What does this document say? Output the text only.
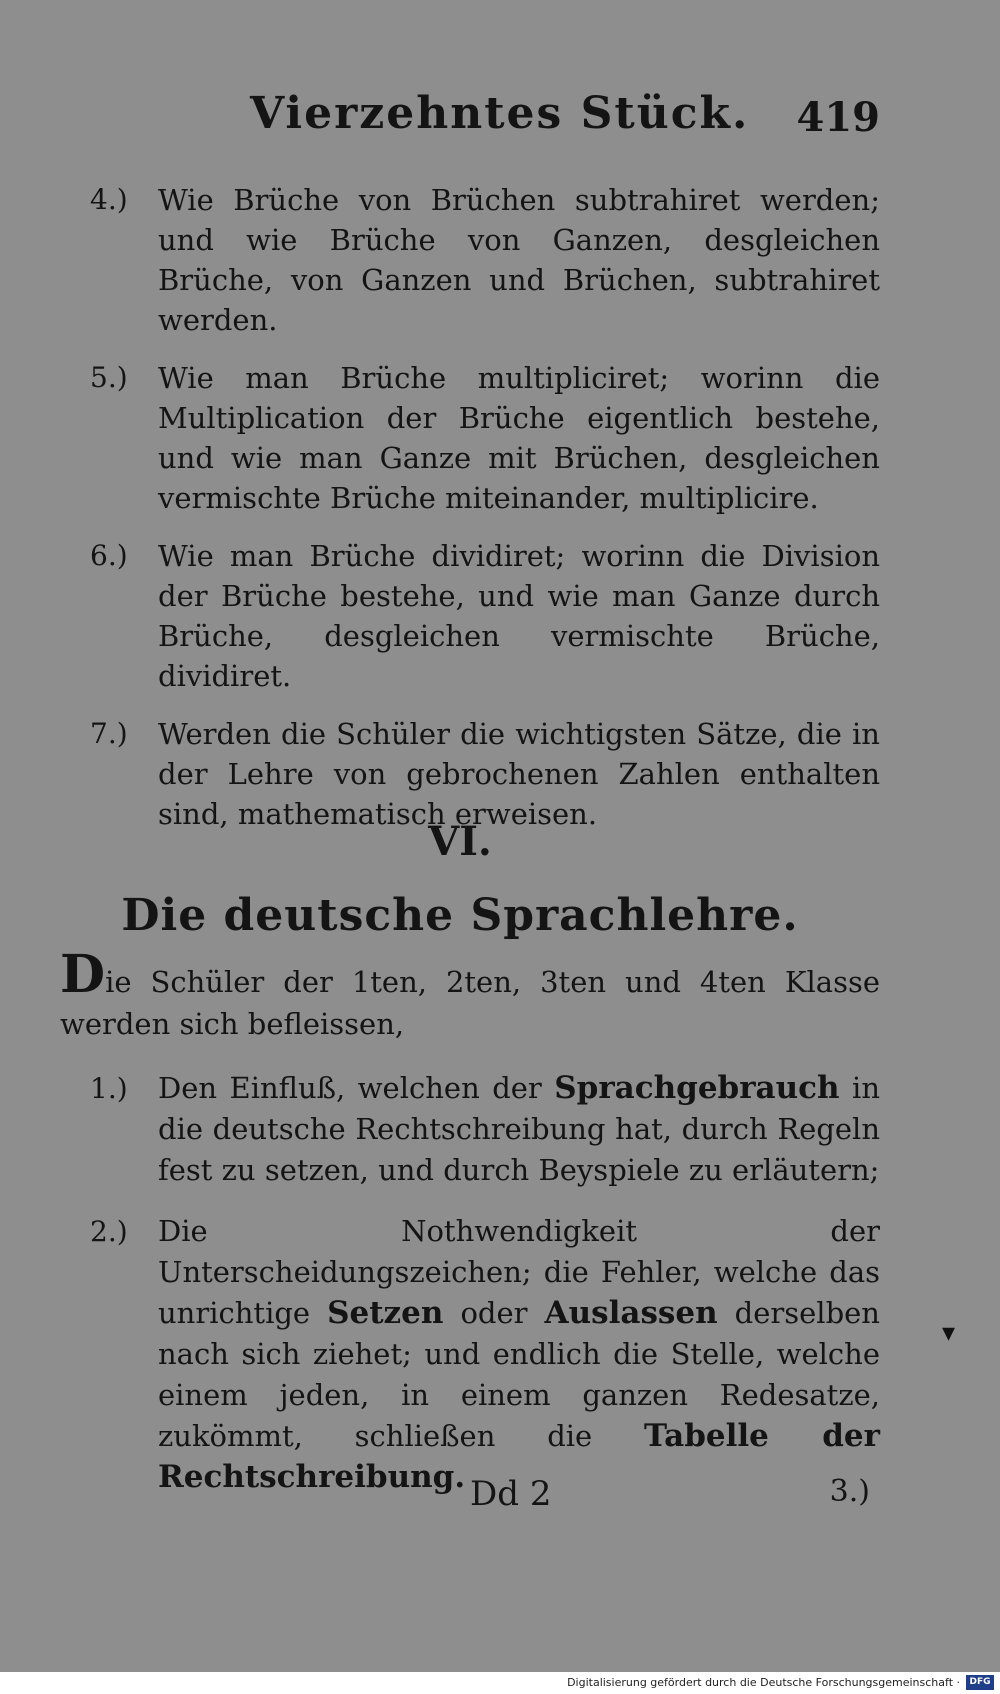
Vierzehntes Stück. 419
4.) Wie Brüche von Brüchen subtrahiret werden; und wie Brüche von Ganzen, desgleichen Brüche, von Ganzen und Brüchen, subtrahiret werden.
5.) Wie man Brüche multipliciret; worinn die Multiplication der Brüche eigentlich bestehe, und wie man Ganze mit Brüchen, desgleichen vermischte Brüche miteinander, multiplicire.
6.) Wie man Brüche dividiret; worinn die Division der Brüche bestehe, und wie man Ganze durch Brüche, desgleichen vermischte Brüche, dividiret.
7.) Werden die Schüler die wichtigsten Sätze, die in der Lehre von gebrochenen Zahlen enthalten sind, mathematisch erweisen.
VI.
Die deutsche Sprachlehre.
Die Schüler der 1ten, 2ten, 3ten und 4ten Klasse werden sich befleissen,
1.) Den Einfluß, welchen der Sprachgebrauch in die deutsche Rechtschreibung hat, durch Regeln fest zu setzen, und durch Beyspiele zu erläutern;
2.) Die Nothwendigkeit der Unterscheidungszeichen; die Fehler, welche das unrichtige Setzen oder Auslassen derselben nach sich ziehet; und endlich die Stelle, welche einem jeden, in einem ganzen Redesatze, zukömmt, schließen die Tabelle der Rechtschreibung. Dd 2	3.)
▾
Digitalisierung gefördert durch die Deutsche Forschungsgemeinschaft ·	DFG
